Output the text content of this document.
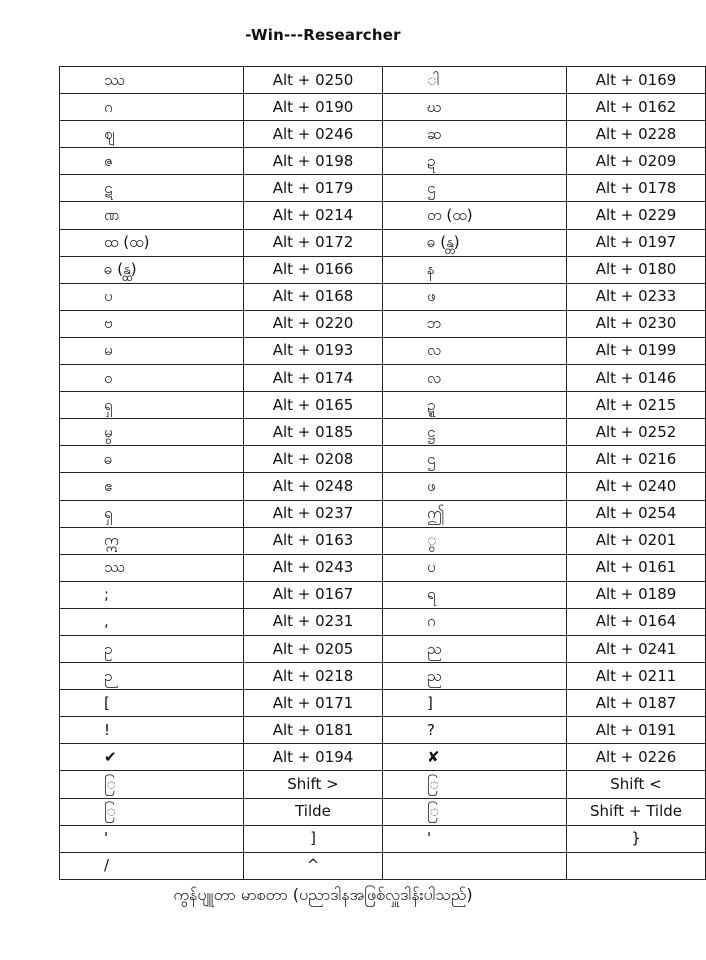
-Win---Researcher
ဿ	Alt + 0250	ါ	Alt + 0169
ဂ	Alt + 0190	ဃ	Alt + 0162
ဈ	Alt + 0246	ဆ	Alt + 0228
ဇ	Alt + 0198	ဍ	Alt + 0209
ဋ	Alt + 0179	ဌ	Alt + 0178
ဏ	Alt + 0214	တ (ထ)	Alt + 0229
ထ (ထ)	Alt + 0172	ဓ (န္တ)	Alt + 0197
ဓ (န္ထ)	Alt + 0166	န	Alt + 0180
ပ	Alt + 0168	ဖ	Alt + 0233
ဗ	Alt + 0220	ဘ	Alt + 0230
မ	Alt + 0193	လ	Alt + 0199
ဝ	Alt + 0174	လ	Alt + 0146
ရှ	Alt + 0165	ဍ္ဍ	Alt + 0215
မွ	Alt + 0185	ဋ္ဌ	Alt + 0252
ဓ	Alt + 0208	ဌ	Alt + 0216
ဧ	Alt + 0248	ဖ	Alt + 0240
ရှ	Alt + 0237	ဤ	Alt + 0254
ဣ	Alt + 0163	ွ	Alt + 0201
ဿ	Alt + 0243	ပ	Alt + 0161
;	Alt + 0167	ရ	Alt + 0189
,	Alt + 0231	ဂ	Alt + 0164
ဥ	Alt + 0205	ည	Alt + 0241
ဉ	Alt + 0218	ည	Alt + 0211
[	Alt + 0171	]	Alt + 0187
!	Alt + 0181	?	Alt + 0191
✔	Alt + 0194	✘	Alt + 0226
ြ	Shift >	ြ	Shift <
ြ	Tilde	ြ	Shift + Tilde
'	]	'	}
/	^		
ကွန်ပျူတာ မာစတာ (ပညာဒါနအဖြစ်လှူဒါန်းပါသည်)
